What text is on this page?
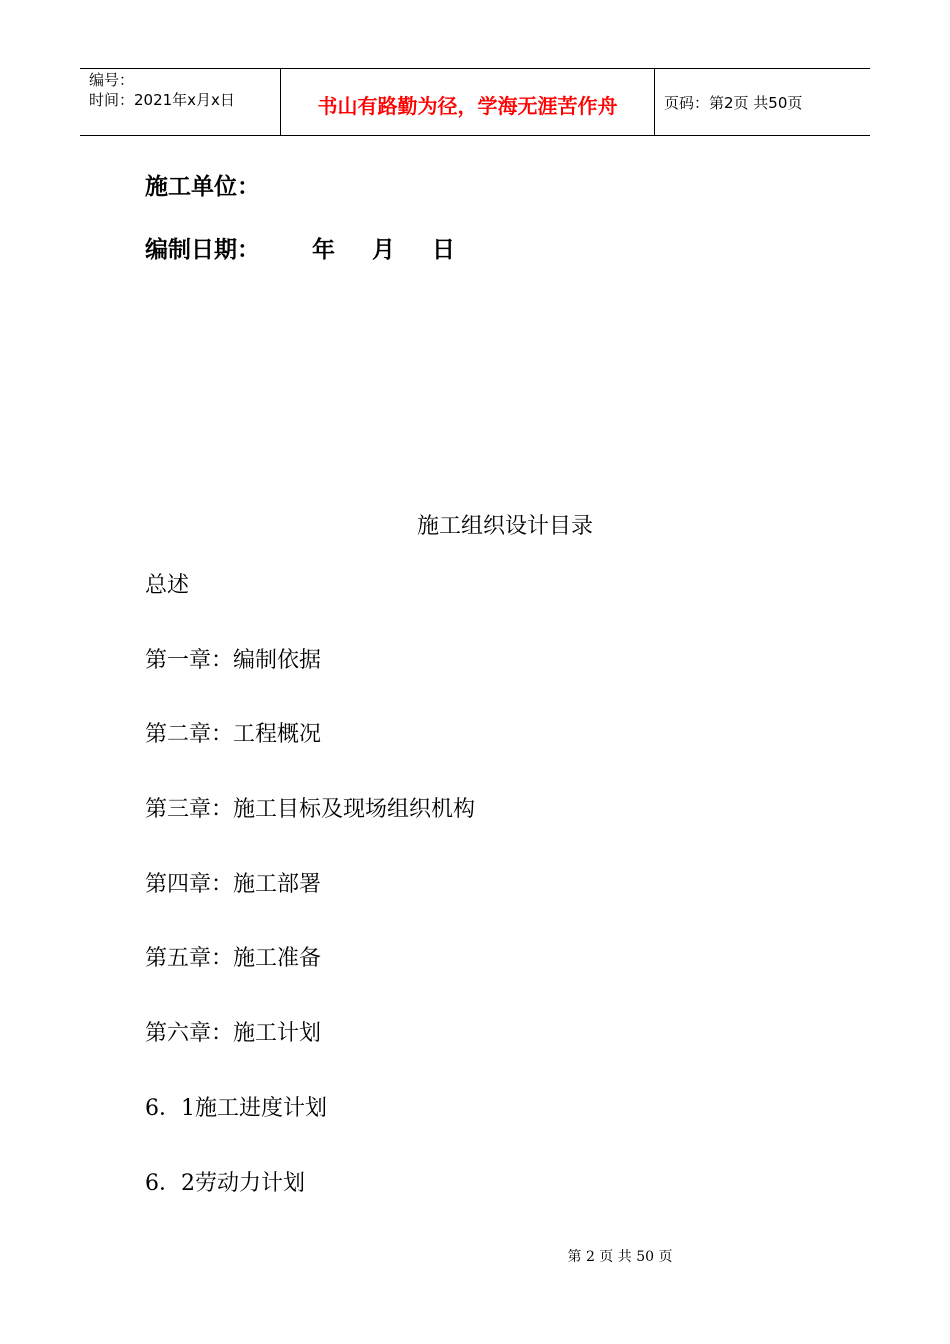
编号：
时间：2021年x月x日	书山有路勤为径，学海无涯苦作舟	页码：第2页 共50页
施工单位：
编制日期： 年 月 日
施工组织设计目录
总述
第一章：编制依据
第二章：工程概况
第三章：施工目标及现场组织机构
第四章：施工部署
第五章：施工准备
第六章：施工计划
6．1施工进度计划
6．2劳动力计划
第 2 页 共 50 页
